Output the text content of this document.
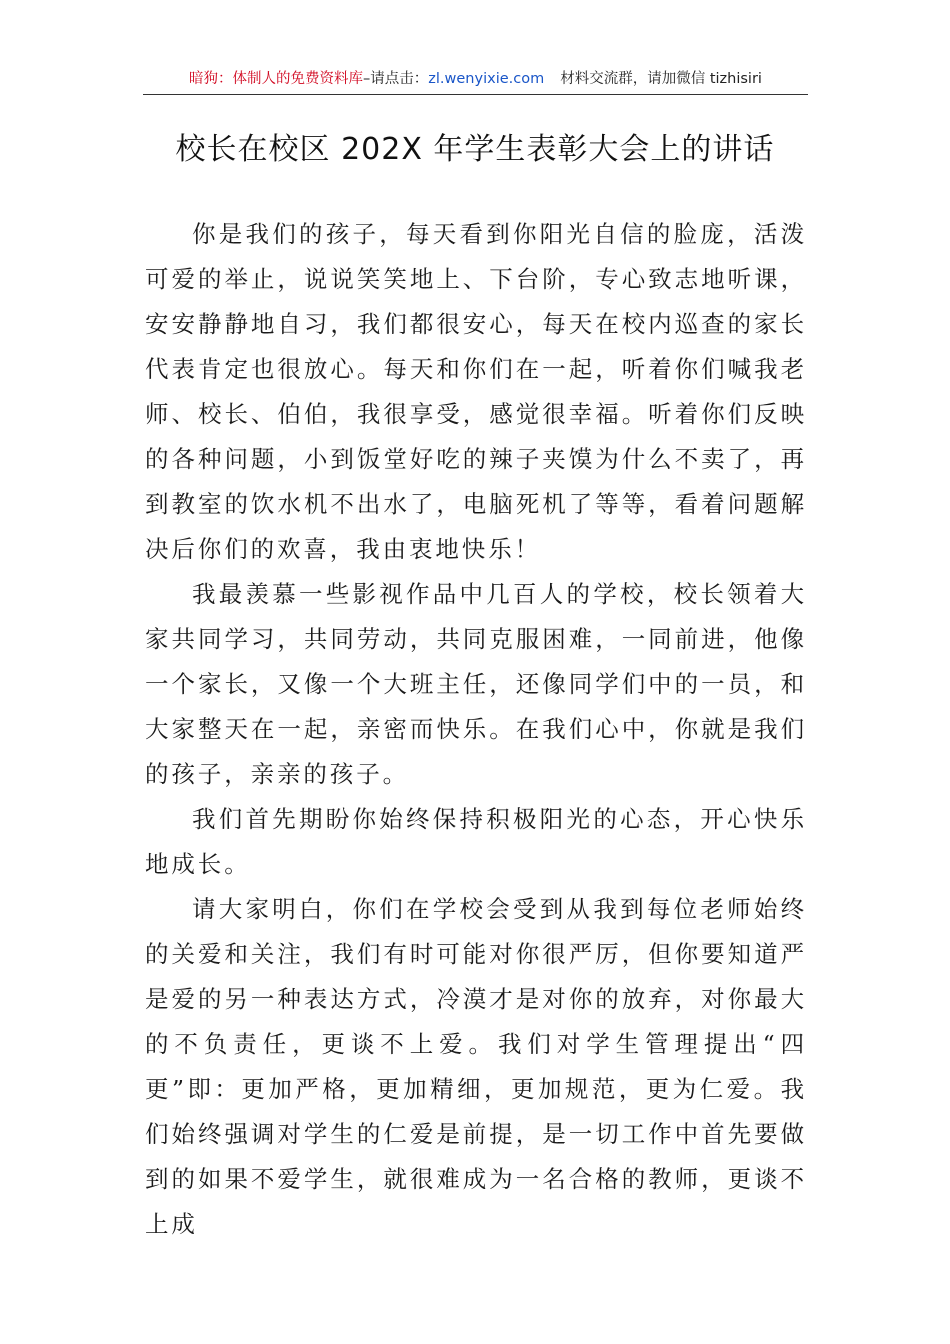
暗狗：体制人的免费资料库–请点击：zl.wenyixie.com 材料交流群，请加微信 tizhisiri
校长在校区 202X 年学生表彰大会上的讲话

你是我们的孩子，每天看到你阳光自信的脸庞，活泼可爱的举止，说说笑笑地上、下台阶，专心致志地听课，安安静静地自习，我们都很安心，每天在校内巡查的家长代表肯定也很放心。每天和你们在一起，听着你们喊我老师、校长、伯伯，我很享受，感觉很幸福。听着你们反映的各种问题，小到饭堂好吃的辣子夹馍为什么不卖了，再到教室的饮水机不出水了，电脑死机了等等，看着问题解决后你们的欢喜，我由衷地快乐！

我最羡慕一些影视作品中几百人的学校，校长领着大家共同学习，共同劳动，共同克服困难，一同前进，他像一个家长，又像一个大班主任，还像同学们中的一员，和大家整天在一起，亲密而快乐。在我们心中，你就是我们的孩子，亲亲的孩子。

我们首先期盼你始终保持积极阳光的心态，开心快乐地成长。

请大家明白，你们在学校会受到从我到每位老师始终的关爱和关注，我们有时可能对你很严厉，但你要知道严是爱的另一种表达方式，冷漠才是对你的放弃，对你最大的不负责任，更谈不上爱。我们对学生管理提出“四更”即：更加严格，更加精细，更加规范，更为仁爱。我们始终强调对学生的仁爱是前提，是一切工作中首先要做到的如果不爱学生，就很难成为一名合格的教师，更谈不上成
